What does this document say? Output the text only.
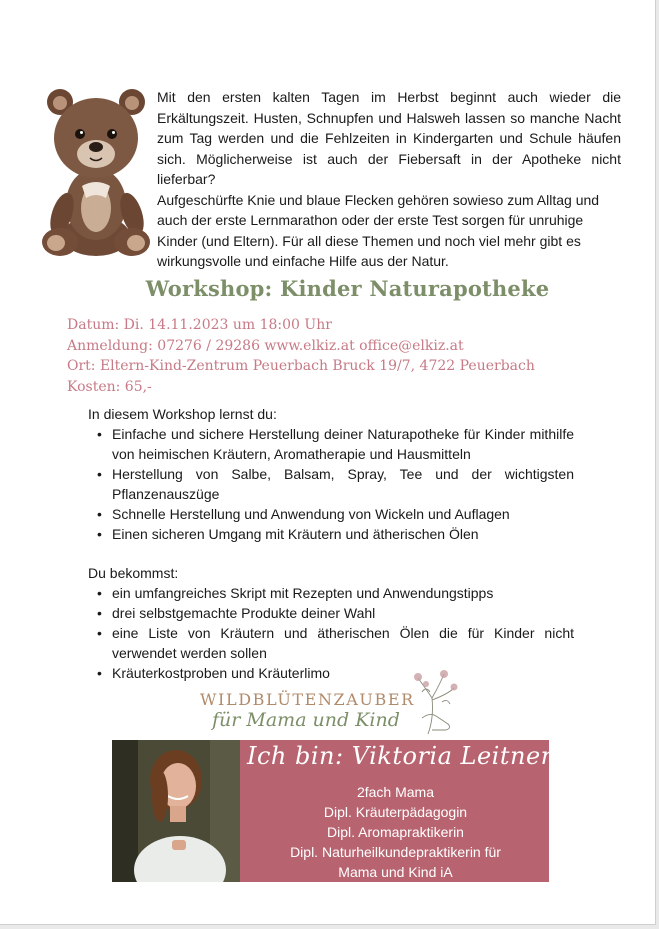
Mit den ersten kalten Tagen im Herbst beginnt auch wieder die Erkältungszeit. Husten, Schnupfen und Halsweh lassen so manche Nacht zum Tag werden und die Fehlzeiten in Kindergarten und Schule häufen sich. Möglicherweise ist auch der Fiebersaft in der Apotheke nicht lieferbar?

Aufgeschürfte Knie und blaue Flecken gehören sowieso zum Alltag und auch der erste Lernmarathon oder der erste Test sorgen für unruhige Kinder (und Eltern). Für all diese Themen und noch viel mehr gibt es wirkungsvolle und einfache Hilfe aus der Natur.

Workshop: Kinder Naturapotheke
Datum: Di. 14.11.2023 um 18:00 Uhr
Anmeldung: 07276 / 29286 www.elkiz.at office@elkiz.at
Ort: Eltern-Kind-Zentrum Peuerbach Bruck 19/7, 4722 Peuerbach
Kosten: 65,-
In diesem Workshop lernst du:
• Einfache und sichere Herstellung deiner Naturapotheke für Kinder mithilfe von heimischen Kräutern, Aromatherapie und Hausmitteln
• Herstellung von Salbe, Balsam, Spray, Tee und der wichtigsten Pflanzenauszüge
• Schnelle Herstellung und Anwendung von Wickeln und Auflagen
• Einen sicheren Umgang mit Kräutern und ätherischen Ölen
Du bekommst:
• ein umfangreiches Skript mit Rezepten und Anwendungstipps
• drei selbstgemachte Produkte deiner Wahl
• eine Liste von Kräutern und ätherischen Ölen die für Kinder nicht verwendet werden sollen
• Kräuterkostproben und Kräuterlimo
WILDBLÜTENZAUBER
für Mama und Kind
Ich bin: Viktoria Leitner
2fach Mama
Dipl. Kräuterpädagogin
Dipl. Aromapraktikerin
Dipl. Naturheilkundepraktikerin für
Mama und Kind iA
